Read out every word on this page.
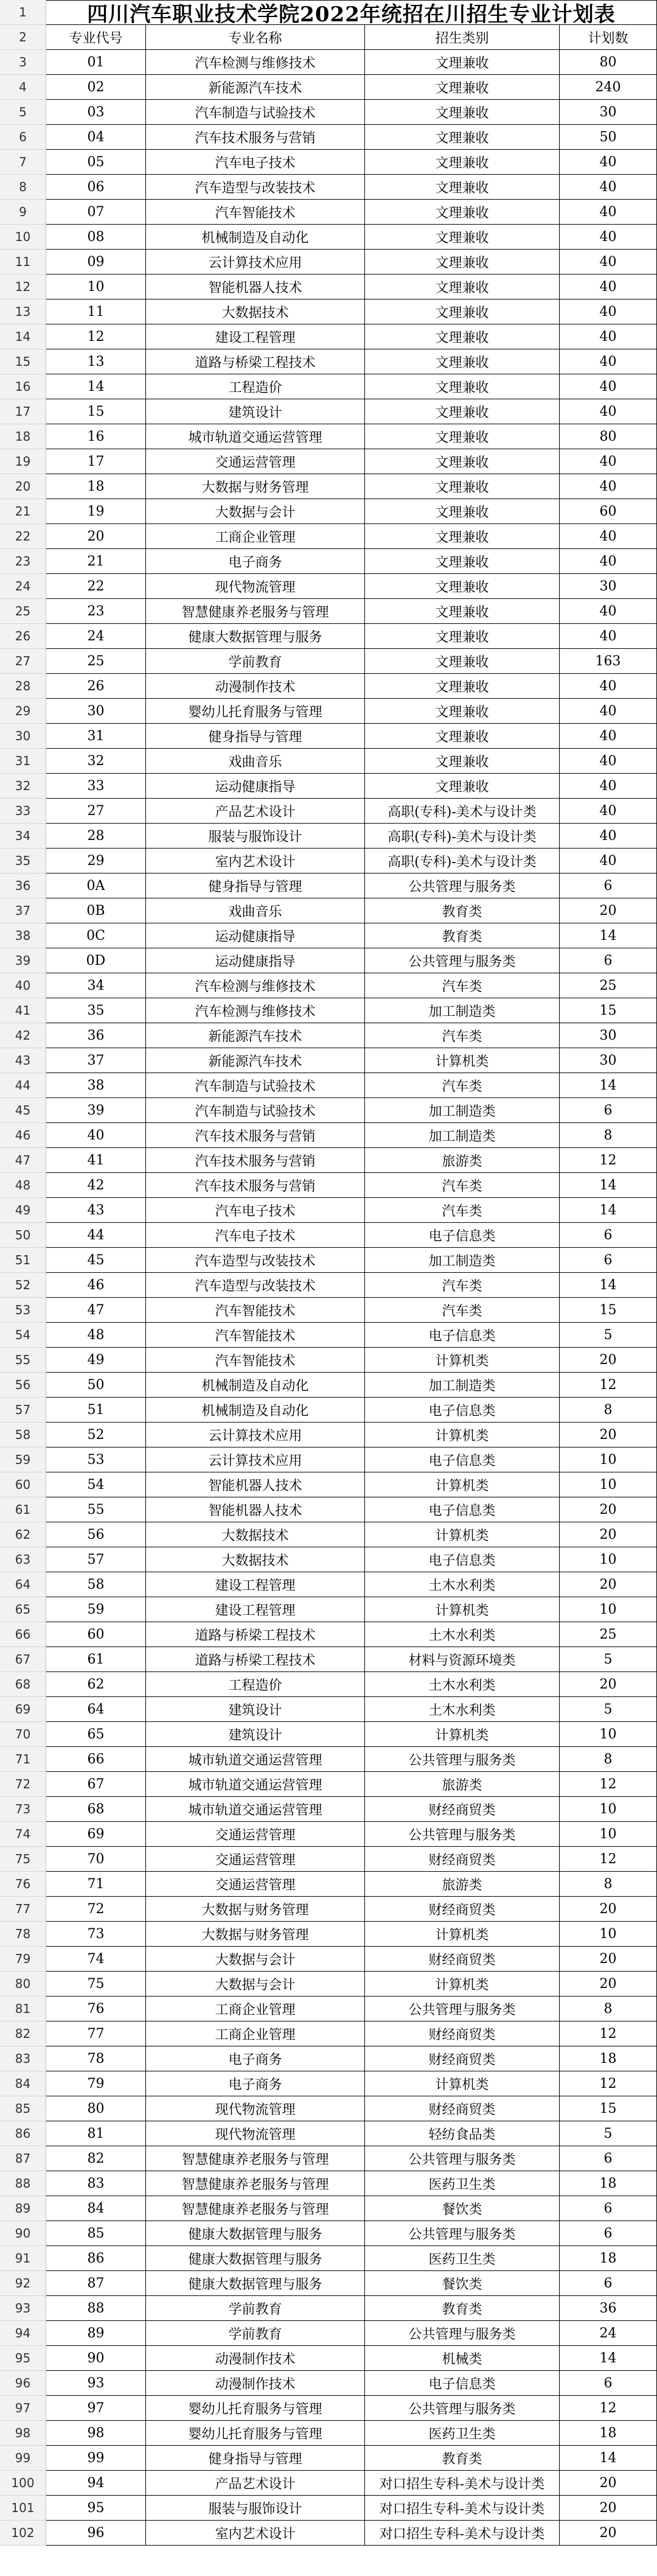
1	四川汽车职业技术学院2022年统招在川招生专业计划表
2	专业代号	专业名称	招生类别	计划数
3	01	汽车检测与维修技术	文理兼收	80
4	02	新能源汽车技术	文理兼收	240
5	03	汽车制造与试验技术	文理兼收	30
6	04	汽车技术服务与营销	文理兼收	50
7	05	汽车电子技术	文理兼收	40
8	06	汽车造型与改装技术	文理兼收	40
9	07	汽车智能技术	文理兼收	40
10	08	机械制造及自动化	文理兼收	40
11	09	云计算技术应用	文理兼收	40
12	10	智能机器人技术	文理兼收	40
13	11	大数据技术	文理兼收	40
14	12	建设工程管理	文理兼收	40
15	13	道路与桥梁工程技术	文理兼收	40
16	14	工程造价	文理兼收	40
17	15	建筑设计	文理兼收	40
18	16	城市轨道交通运营管理	文理兼收	80
19	17	交通运营管理	文理兼收	40
20	18	大数据与财务管理	文理兼收	40
21	19	大数据与会计	文理兼收	60
22	20	工商企业管理	文理兼收	40
23	21	电子商务	文理兼收	40
24	22	现代物流管理	文理兼收	30
25	23	智慧健康养老服务与管理	文理兼收	40
26	24	健康大数据管理与服务	文理兼收	40
27	25	学前教育	文理兼收	163
28	26	动漫制作技术	文理兼收	40
29	30	婴幼儿托育服务与管理	文理兼收	40
30	31	健身指导与管理	文理兼收	40
31	32	戏曲音乐	文理兼收	40
32	33	运动健康指导	文理兼收	40
33	27	产品艺术设计	高职(专科)-美术与设计类	40
34	28	服装与服饰设计	高职(专科)-美术与设计类	40
35	29	室内艺术设计	高职(专科)-美术与设计类	40
36	0A	健身指导与管理	公共管理与服务类	6
37	0B	戏曲音乐	教育类	20
38	0C	运动健康指导	教育类	14
39	0D	运动健康指导	公共管理与服务类	6
40	34	汽车检测与维修技术	汽车类	25
41	35	汽车检测与维修技术	加工制造类	15
42	36	新能源汽车技术	汽车类	30
43	37	新能源汽车技术	计算机类	30
44	38	汽车制造与试验技术	汽车类	14
45	39	汽车制造与试验技术	加工制造类	6
46	40	汽车技术服务与营销	加工制造类	8
47	41	汽车技术服务与营销	旅游类	12
48	42	汽车技术服务与营销	汽车类	14
49	43	汽车电子技术	汽车类	14
50	44	汽车电子技术	电子信息类	6
51	45	汽车造型与改装技术	加工制造类	6
52	46	汽车造型与改装技术	汽车类	14
53	47	汽车智能技术	汽车类	15
54	48	汽车智能技术	电子信息类	5
55	49	汽车智能技术	计算机类	20
56	50	机械制造及自动化	加工制造类	12
57	51	机械制造及自动化	电子信息类	8
58	52	云计算技术应用	计算机类	20
59	53	云计算技术应用	电子信息类	10
60	54	智能机器人技术	计算机类	10
61	55	智能机器人技术	电子信息类	20
62	56	大数据技术	计算机类	20
63	57	大数据技术	电子信息类	10
64	58	建设工程管理	土木水利类	20
65	59	建设工程管理	计算机类	10
66	60	道路与桥梁工程技术	土木水利类	25
67	61	道路与桥梁工程技术	材料与资源环境类	5
68	62	工程造价	土木水利类	20
69	64	建筑设计	土木水利类	5
70	65	建筑设计	计算机类	10
71	66	城市轨道交通运营管理	公共管理与服务类	8
72	67	城市轨道交通运营管理	旅游类	12
73	68	城市轨道交通运营管理	财经商贸类	10
74	69	交通运营管理	公共管理与服务类	10
75	70	交通运营管理	财经商贸类	12
76	71	交通运营管理	旅游类	8
77	72	大数据与财务管理	财经商贸类	20
78	73	大数据与财务管理	计算机类	10
79	74	大数据与会计	财经商贸类	20
80	75	大数据与会计	计算机类	20
81	76	工商企业管理	公共管理与服务类	8
82	77	工商企业管理	财经商贸类	12
83	78	电子商务	财经商贸类	18
84	79	电子商务	计算机类	12
85	80	现代物流管理	财经商贸类	15
86	81	现代物流管理	轻纺食品类	5
87	82	智慧健康养老服务与管理	公共管理与服务类	6
88	83	智慧健康养老服务与管理	医药卫生类	18
89	84	智慧健康养老服务与管理	餐饮类	6
90	85	健康大数据管理与服务	公共管理与服务类	6
91	86	健康大数据管理与服务	医药卫生类	18
92	87	健康大数据管理与服务	餐饮类	6
93	88	学前教育	教育类	36
94	89	学前教育	公共管理与服务类	24
95	90	动漫制作技术	机械类	14
96	93	动漫制作技术	电子信息类	6
97	97	婴幼儿托育服务与管理	公共管理与服务类	12
98	98	婴幼儿托育服务与管理	医药卫生类	18
99	99	健身指导与管理	教育类	14
100	94	产品艺术设计	对口招生专科-美术与设计类	20
101	95	服装与服饰设计	对口招生专科-美术与设计类	20
102	96	室内艺术设计	对口招生专科-美术与设计类	20
